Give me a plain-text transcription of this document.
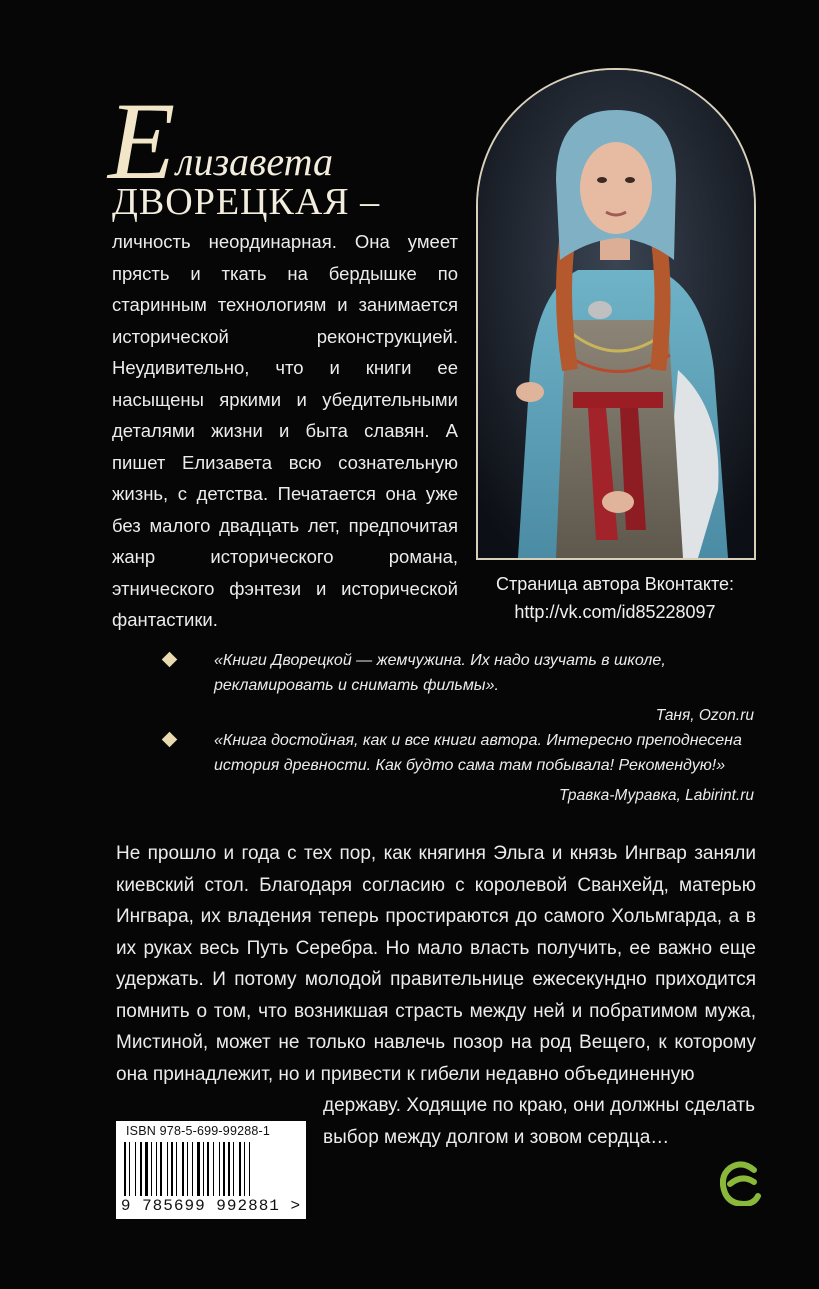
Е лизавета
ДВОРЕЦКАЯ –
личность неординарная. Она умеет прясть и ткать на бердышке по старинным технологиям и занимается исторической реконструкцией. Неудивительно, что и книги ее насыщены яркими и убедительными деталями жизни и быта славян. А пишет Елизавета всю сознательную жизнь, с детства. Печатается она уже без малого двадцать лет, предпочитая жанр исторического романа, этнического фэнтези и исторической фантастики.
Страница автора Вконтакте:
http://vk.com/id85228097
«Книги Дворецкой — жемчужина. Их надо изучать в школе, рекламировать и снимать фильмы».
Таня, Ozon.ru
«Книга достойная, как и все книги автора. Интересно преподнесена история древности. Как будто сама там побывала! Рекомендую!»
Травка-Муравка, Labirint.ru
Не прошло и года с тех пор, как княгиня Эльга и князь Ингвар заняли киевский стол. Благодаря согласию с королевой Сванхейд, матерью Ингвара, их владения теперь простираются до самого Хольмгарда, а в их руках весь Путь Серебра. Но мало власть получить, ее важно еще удержать. И потому молодой правительнице ежесекундно приходится помнить о том, что возникшая страсть между ней и побратимом мужа, Мистиной, может не только навлечь позор на род Вещего, к которому она принадлежит, но и привести к гибели недавно объединенную
державу. Ходящие по краю, они должны сделать выбор между долгом и зовом сердца…
ISBN 978-5-699-99288-1
9 785699 992881 >
